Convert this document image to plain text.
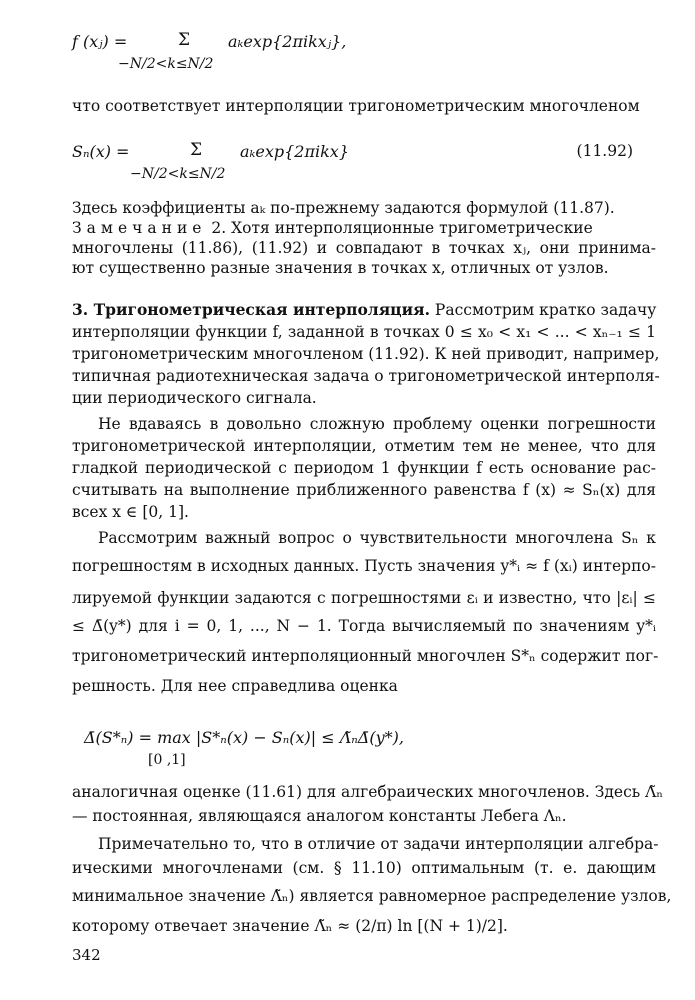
f (xⱼ) =	Σ aₖexp{2πikxⱼ},
−N/2<k≤N/2
что соответствует интерполяции тригонометрическим многочленом
Sₙ(x) =	Σ aₖexp{2πikx}
−N/2<k≤N/2
(11.92)
Здесь коэффициенты aₖ по-прежнему задаются формулой (11.87).
Замечание 2. Хотя интерполяционные тригометрические
многочлены (11.86), (11.92) и совпадают в точках xⱼ, они принима-
ют существенно разные значения в точках x, отличных от узлов.
3. Тригонометрическая интерполяция. Рассмотрим кратко задачу
интерполяции функции f, заданной в точках 0 ≤ x₀ < x₁ < ... < xₙ₋₁ ≤ 1
тригонометрическим многочленом (11.92). К ней приводит, например,
типичная радиотехническая задача о тригонометрической интерполя-
ции периодического сигнала.
Не вдаваясь в довольно сложную проблему оценки погрешности
тригонометрической интерполяции, отметим тем не менее, что для
гладкой периодической с периодом 1 функции f есть основание рас-
считывать на выполнение приближенного равенства f (x) ≈ Sₙ(x) для
всех x ∈ [0, 1].
Рассмотрим важный вопрос о чувствительности многочлена Sₙ к
погрешностям в исходных данных. Пусть значения y*ᵢ ≈ f (xᵢ) интерпо-
лируемой функции задаются с погрешностями εᵢ и известно, что |εᵢ| ≤
≤ Δ̄(y*) для i = 0, 1, ..., N − 1. Тогда вычисляемый по значениям y*ᵢ
тригонометрический интерполяционный многочлен S*ₙ содержит пог-
решность. Для нее справедлива оценка
Δ̄(S*ₙ) = max |S*ₙ(x) − Sₙ(x)| ≤ Λ̃ₙΔ̄(y*),
[0 ,1]
аналогичная оценке (11.61) для алгебраических многочленов. Здесь Λ̃ₙ
— постоянная, являющаяся аналогом константы Лебега Λₙ.
Примечательно то, что в отличие от задачи интерполяции алгебра-
ическими многочленами (см. § 11.10) оптимальным (т. е. дающим
минимальное значение Λ̃ₙ) является равномерное распределение узлов,
которому отвечает значение Λ̃ₙ ≈ (2/π) ln [(N + 1)/2].
342
